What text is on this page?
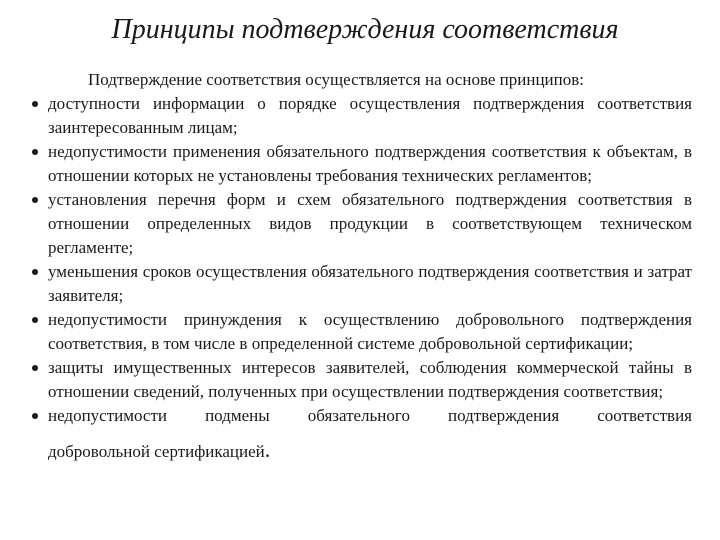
Принципы подтверждения соответствия

Подтверждение соответствия осуществляется на основе принципов:

доступности информации о порядке осуществления подтверждения соответствия заинтересованным лицам;
недопустимости применения обязательного подтверждения соответствия к объектам, в отношении которых не установлены требования технических регламентов;
установления перечня форм и схем обязательного подтверждения соответствия в отношении определенных видов продукции в соответствующем техническом регламенте;
уменьшения сроков осуществления обязательного подтверждения соответствия и затрат заявителя;
недопустимости принуждения к осуществлению добровольного подтверждения соответствия, в том числе в определенной системе добровольной сертификации;
защиты имущественных интересов заявителей, соблюдения коммерческой тайны в отношении сведений, полученных при осуществлении подтверждения соответствия;
недопустимости подмены обязательного подтверждения соответствия
добровольной сертификацией.
